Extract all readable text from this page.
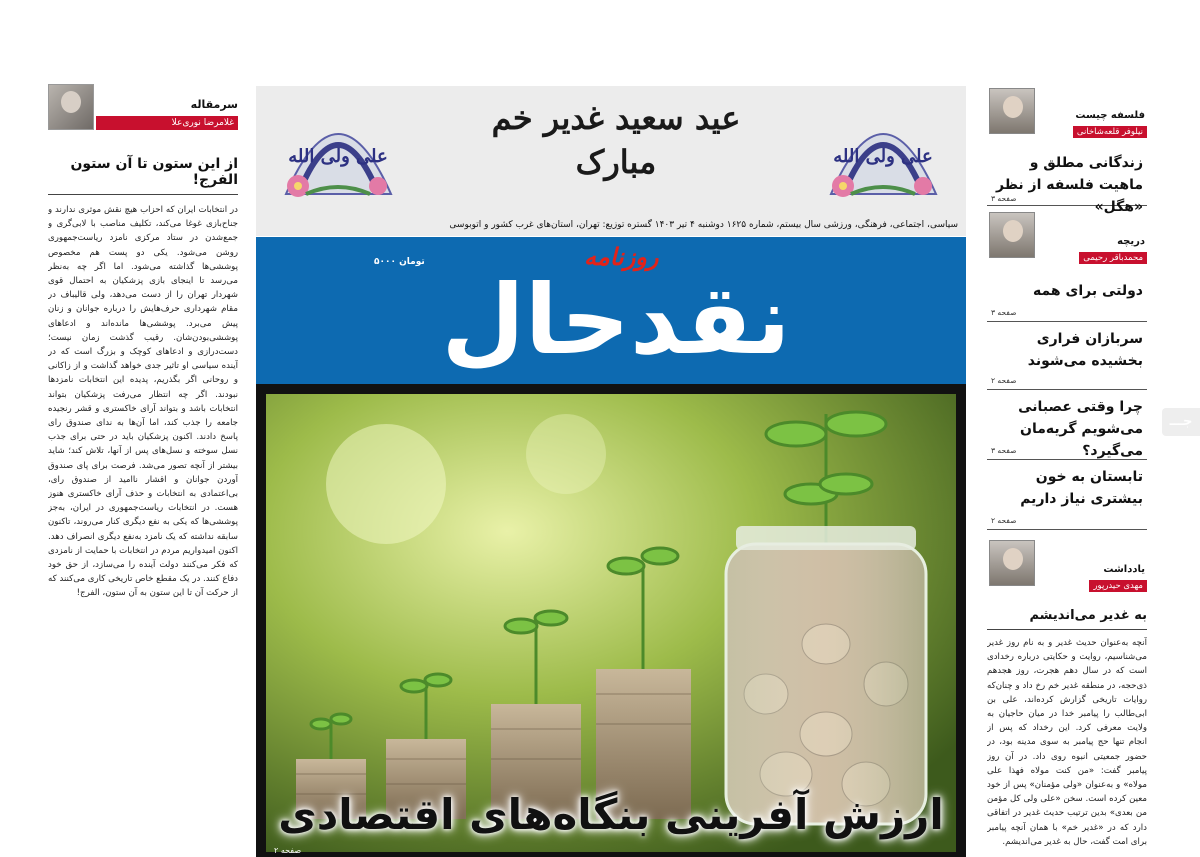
سرمقاله
غلامرضا نوری‌علا
از این ستون تا آن ستون الفرج!
در انتخابات ایران که احزاب هیچ نقش موثری ندارند و جناح‌بازی غوغا می‌کند، تکلیف مناصب با لابی‌گری و جمع‌شدن در ستاد مرکزی نامزد ریاست‌جمهوری روشن می‌شود. یکی دو پست هم مخصوص پوششی‌ها گذاشته می‌شود. اما اگر چه به‌نظر می‌رسد تا اینجای بازی پزشکیان به احتمال قوی شهردار تهران را از دست می‌دهد، ولی قالیباف در مقام شهرداری حرف‌هایش را درباره جوانان و زنان پیش می‌برد. پوششی‌ها مانده‌اند و ادعاهای پوششی‌بودن‌شان. رقیب گذشت زمان نیست؛ دست‌درازی و ادعاهای کوچک و بزرگ است که در آینده سیاسی او تاثیر جدی خواهد گذاشت و از زاکانی و روحانی اگر بگذریم، پدیده این انتخابات نامزدها نبودند. اگر چه انتظار می‌رفت پزشکیان بتواند انتخابات باشد و بتواند آرای خاکستری و قشر رنجیده جامعه را جذب کند، اما آن‌ها به ندای صندوق رای پاسخ دادند. اکنون پزشکیان باید در حتی برای جذب نسل سوخته و نسل‌های پس از آنها، تلاش کند؛ شاید بیشتر از آنچه تصور می‌شد. فرصت برای پای صندوق آوردن جوانان و اقشار ناامید از صندوق رای، بی‌اعتمادی به انتخابات و حذف آرای خاکستری هنوز هست. در انتخابات ریاست‌جمهوری در ایران، به‌جز پوششی‌ها که یکی به نفع دیگری کنار می‌روند، تاکنون سابقه نداشته که یک نامزد به‌نفع دیگری انصراف دهد. اکنون امیدواریم مردم در انتخابات با حمایت از نامزدی که فکر می‌کنند دولت آینده را می‌سازد، از حق خود دفاع کنند. در یک مقطع خاص تاریخی کاری می‌کنند که از حرکت آن تا این ستون به آن ستون، الفرج!
علی ولی الله
عید سعید غدیر خم مبارک	علی ولی الله
سیاسی، اجتماعی، فرهنگی، ورزشی سال بیستم، شماره ۱۶۲۵ دوشنبه ۴ تیر ۱۴۰۳ گستره توزیع: تهران، استان‌های غرب کشور و اتوبوسی
۵۰۰۰ تومان	روزنامه
نقدحال
ارزش آفرینی بنگاه‌های اقتصادی
صفحه ۲
فلسفه چیست
نیلوفر قلعه‌شاخانی
زندگانی مطلق و ماهیت فلسفه از نظر «هگل»
صفحه ۳
دریچه
محمدباقر رحیمی
دولتی برای همه
صفحه ۳
سربازان فراری بخشیده می‌شوند
صفحه ۲
چرا وقتی عصبانی می‌شویم گریه‌مان می‌گیرد؟
صفحه ۳
تابستان به خون بیشتری نیاز داریم
صفحه ۲
جـــ
یادداشت
مهدی حیدرپور
به غدیر می‌اندیشم
آنچه به‌عنوان حدیث غدیر و به نام روز غدیر می‌شناسیم، روایت و حکایتی درباره رخدادی است که در سال دهم هجرت، روز هجدهم ذی‌حجه، در منطقه غدیر خم رخ داد و چنان‌که روایات تاریخی گزارش کرده‌اند، علی بن ابی‌طالب را پیامبر خدا در میان حاجیان به ولایت معرفی کرد. این رخداد که پس از انجام تنها حج پیامبر به سوی مدینه بود، در حضور جمعیتی انبوه روی داد. در آن روز پیامبر گفت: «من کنت مولاه فهذا علی مولاه» و به‌عنوان «ولی مؤمنان» پس از خود معین کرده است. سخن «علی ولی کل مؤمن من بعدی» بدین ترتیب حدیث غدیر در اتفاقی دارد که در «غدیر خم» با همان آنچه پیامبر برای امت گفت، حال به غدیر می‌اندیشم.
